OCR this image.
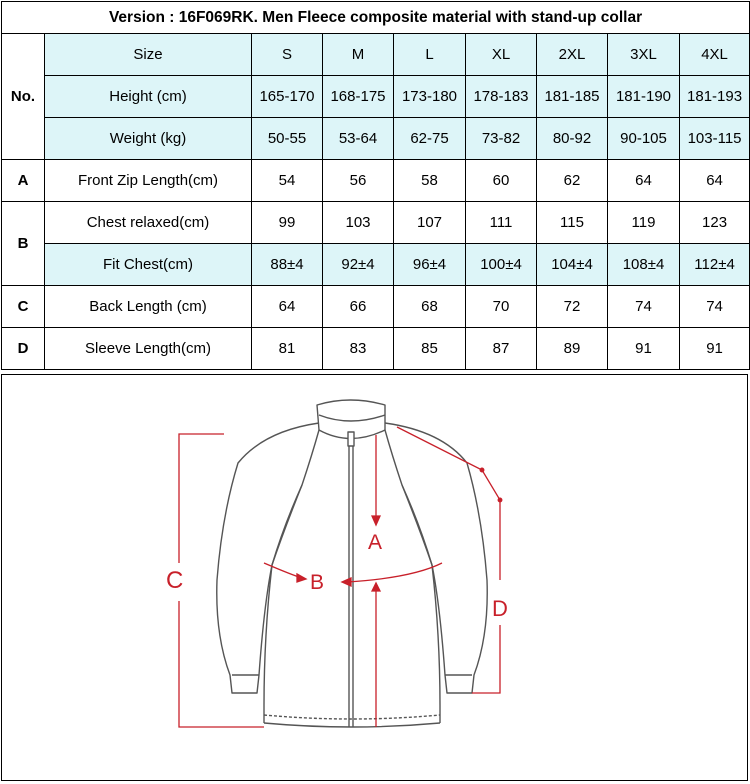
Version : 16F069RK. Men Fleece composite material with stand-up collar								
No.	Size	S	M	L	XL	2XL	3XL	4XL
	Height (cm)	165-170	168-175	173-180	178-183	181-185	181-190	181-193
	Weight (kg)	50-55	53-64	62-75	73-82	80-92	90-105	103-115
A	Front Zip Length(cm)	54	56	58	60	62	64	64
B	Chest relaxed(cm)	99	103	107	111	115	119	123
	Fit Chest(cm)	88±4	92±4	96±4	100±4	104±4	108±4	112±4
C	Back Length (cm)	64	66	68	70	72	74	74
D	Sleeve Length(cm)	81	83	85	87	89	91	91
A
B
C
D
